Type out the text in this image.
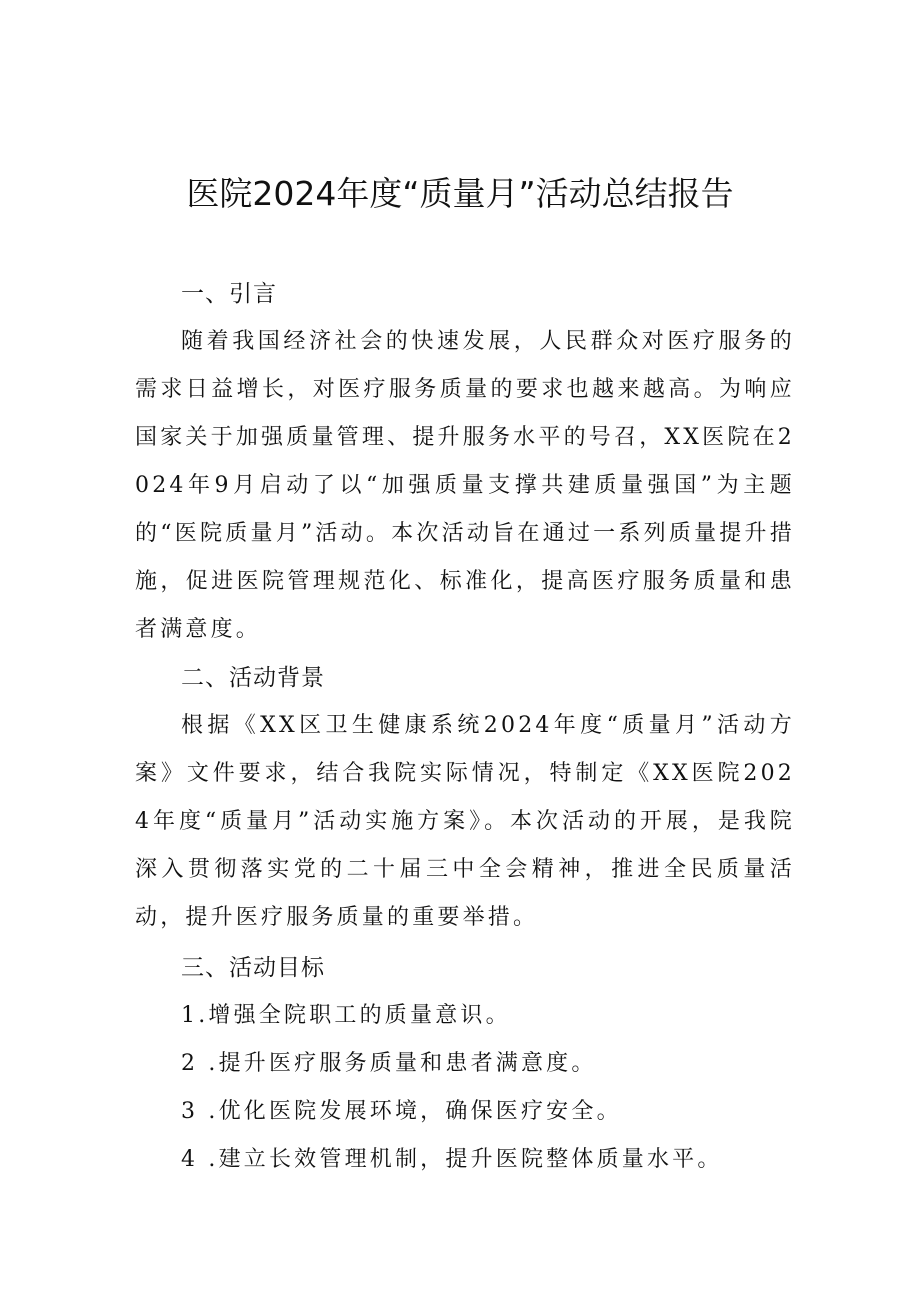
医院2024年度“质量月”活动总结报告
一、引言

随着我国经济社会的快速发展，人民群众对医疗服务的需求日益增长，对医疗服务质量的要求也越来越高。为响应国家关于加强质量管理、提升服务水平的号召，XX医院在2024年9月启动了以“加强质量支撑共建质量强国”为主题的“医院质量月”活动。本次活动旨在通过一系列质量提升措施，促进医院管理规范化、标准化，提高医疗服务质量和患者满意度。

二、活动背景

根据《XX区卫生健康系统2024年度“质量月”活动方案》文件要求，结合我院实际情况，特制定《XX医院2024年度“质量月”活动实施方案》。本次活动的开展，是我院深入贯彻落实党的二十届三中全会精神，推进全民质量活动，提升医疗服务质量的重要举措。

三、活动目标

1.增强全院职工的质量意识。

2 .提升医疗服务质量和患者满意度。

3 .优化医院发展环境，确保医疗安全。

4 .建立长效管理机制，提升医院整体质量水平。
